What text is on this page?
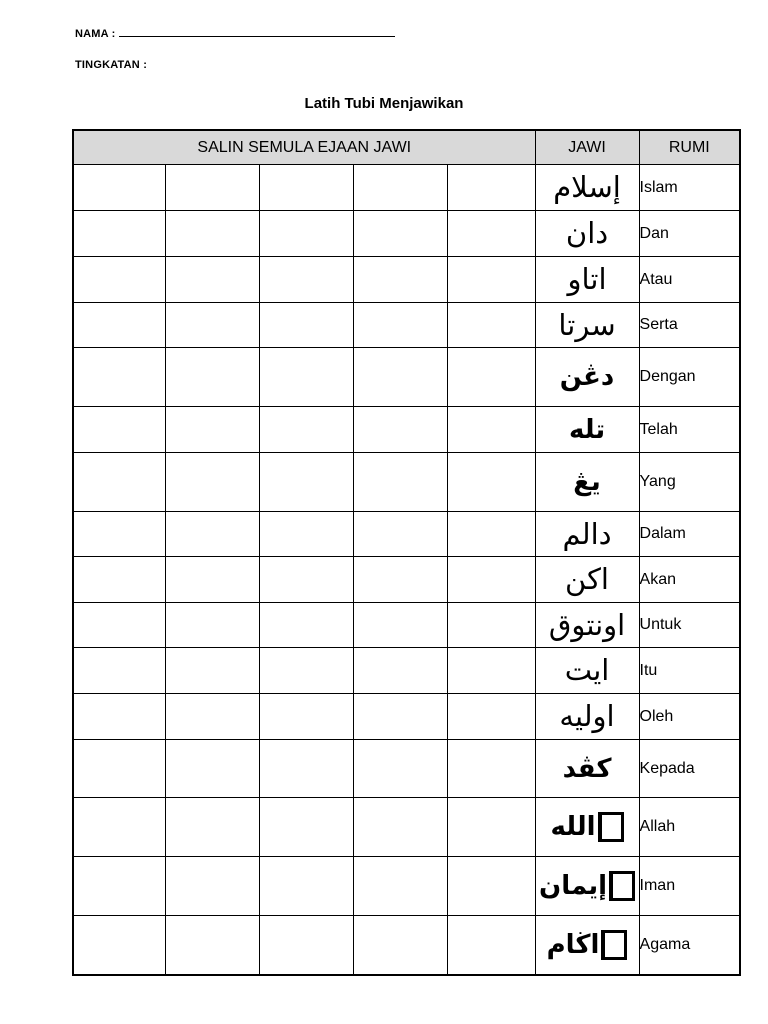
NAMA :
TINGKATAN :
Latih Tubi Menjawikan
SALIN SEMULA EJAAN JAWI					JAWI	RUMI
					إسلام	Islam
					دان	Dan
					اتاو	Atau
					سرتا	Serta
					دڠن	Dengan
					تله	Telah
					يڠ	Yang
					دالم	Dalam
					اكن	Akan
					اونتوق	Untuk
					ايت	Itu
					اوليه	Oleh
					كڤد	Kepada

					الله	Allah

					إيمان	Iman

					اڬام	Agama
